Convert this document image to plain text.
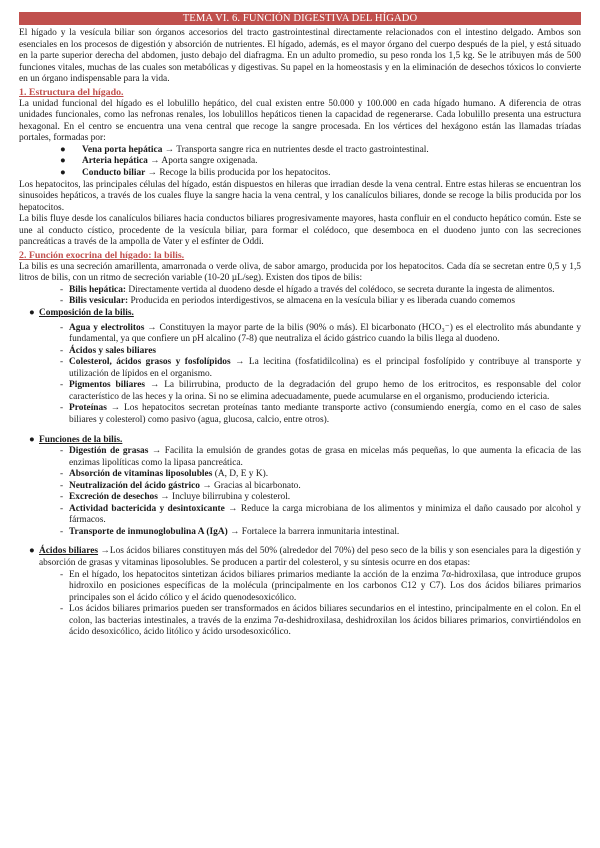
TEMA VI. 6. FUNCIÓN DIGESTIVA DEL HÍGADO

El hígado y la vesícula biliar son órganos accesorios del tracto gastrointestinal directamente relacionados con el intestino delgado. Ambos son esenciales en los procesos de digestión y absorción de nutrientes. El hígado, además, es el mayor órgano del cuerpo después de la piel, y está situado en la parte superior derecha del abdomen, justo debajo del diafragma. En un adulto promedio, su peso ronda los 1,5 kg. Se le atribuyen más de 500 funciones vitales, muchas de las cuales son metabólicas y digestivas. Su papel en la homeostasis y en la eliminación de desechos tóxicos lo convierte en un órgano indispensable para la vida.

1. Estructura del hígado.

La unidad funcional del hígado es el lobulillo hepático, del cual existen entre 50.000 y 100.000 en cada hígado humano. A diferencia de otras unidades funcionales, como las nefronas renales, los lobulillos hepáticos tienen la capacidad de regenerarse. Cada lobulillo presenta una estructura hexagonal. En el centro se encuentra una vena central que recoge la sangre procesada. En los vértices del hexágono están las llamadas tríadas portales, formadas por:

● Vena porta hepática → Transporta sangre rica en nutrientes desde el tracto gastrointestinal.
● Arteria hepática → Aporta sangre oxigenada.
● Conducto biliar → Recoge la bilis producida por los hepatocitos.

Los hepatocitos, las principales células del hígado, están dispuestos en hileras que irradian desde la vena central. Entre estas hileras se encuentran los sinusoides hepáticos, a través de los cuales fluye la sangre hacia la vena central, y los canalículos biliares, donde se recoge la bilis producida por los hepatocitos.

La bilis fluye desde los canalículos biliares hacia conductos biliares progresivamente mayores, hasta confluir en el conducto hepático común. Este se une al conducto cístico, procedente de la vesícula biliar, para formar el colédoco, que desemboca en el duodeno junto con las secreciones pancreáticas a través de la ampolla de Vater y el esfínter de Oddi.

2. Función exocrina del hígado: la bilis.

La bilis es una secreción amarillenta, amarronada o verde oliva, de sabor amargo, producida por los hepatocitos. Cada día se secretan entre 0,5 y 1,5 litros de bilis, con un ritmo de secreción variable (10-20 µL/seg). Existen dos tipos de bilis:

- Bilis hepática: Directamente vertida al duodeno desde el hígado a través del colédoco, se secreta durante la ingesta de alimentos.
- Bilis vesicular: Producida en periodos interdigestivos, se almacena en la vesícula biliar y es liberada cuando comemos
● Composición de la bilis.
- Agua y electrolitos → Constituyen la mayor parte de la bilis (90% o más). El bicarbonato (HCO₃⁻) es el electrolito más abundante y fundamental, ya que confiere un pH alcalino (7-8) que neutraliza el ácido gástrico cuando la bilis llega al duodeno.
- Ácidos y sales biliares
- Colesterol, ácidos grasos y fosfolípidos → La lecitina (fosfatidilcolina) es el principal fosfolípido y contribuye al transporte y utilización de lípidos en el organismo.
- Pigmentos biliares → La bilirrubina, producto de la degradación del grupo hemo de los eritrocitos, es responsable del color característico de las heces y la orina. Si no se elimina adecuadamente, puede acumularse en el organismo, produciendo ictericia.
- Proteínas → Los hepatocitos secretan proteínas tanto mediante transporte activo (consumiendo energía, como en el caso de sales biliares y colesterol) como pasivo (agua, glucosa, calcio, entre otros).
● Funciones de la bilis.
- Digestión de grasas → Facilita la emulsión de grandes gotas de grasa en micelas más pequeñas, lo que aumenta la eficacia de las enzimas lipolíticas como la lipasa pancreática.
- Absorción de vitaminas liposolubles (A, D, E y K).
- Neutralización del ácido gástrico → Gracias al bicarbonato.
- Excreción de desechos → Incluye bilirrubina y colesterol.
- Actividad bactericida y desintoxicante → Reduce la carga microbiana de los alimentos y minimiza el daño causado por alcohol y fármacos.
- Transporte de inmunoglobulina A (IgA) → Fortalece la barrera inmunitaria intestinal.
● Ácidos biliares →Los ácidos biliares constituyen más del 50% (alrededor del 70%) del peso seco de la bilis y son esenciales para la digestión y absorción de grasas y vitaminas liposolubles. Se producen a partir del colesterol, y su síntesis ocurre en dos etapas:
- En el hígado, los hepatocitos sintetizan ácidos biliares primarios mediante la acción de la enzima 7α-hidroxilasa, que introduce grupos hidroxilo en posiciones específicas de la molécula (principalmente en los carbonos C12 y C7). Los dos ácidos biliares primarios principales son el ácido cólico y el ácido quenodesoxicólico.
- Los ácidos biliares primarios pueden ser transformados en ácidos biliares secundarios en el intestino, principalmente en el colon. En el colon, las bacterias intestinales, a través de la enzima 7α-deshidroxilasa, deshidroxilan los ácidos biliares primarios, convirtiéndolos en ácido desoxicólico, ácido litólico y ácido ursodesoxicólico.
